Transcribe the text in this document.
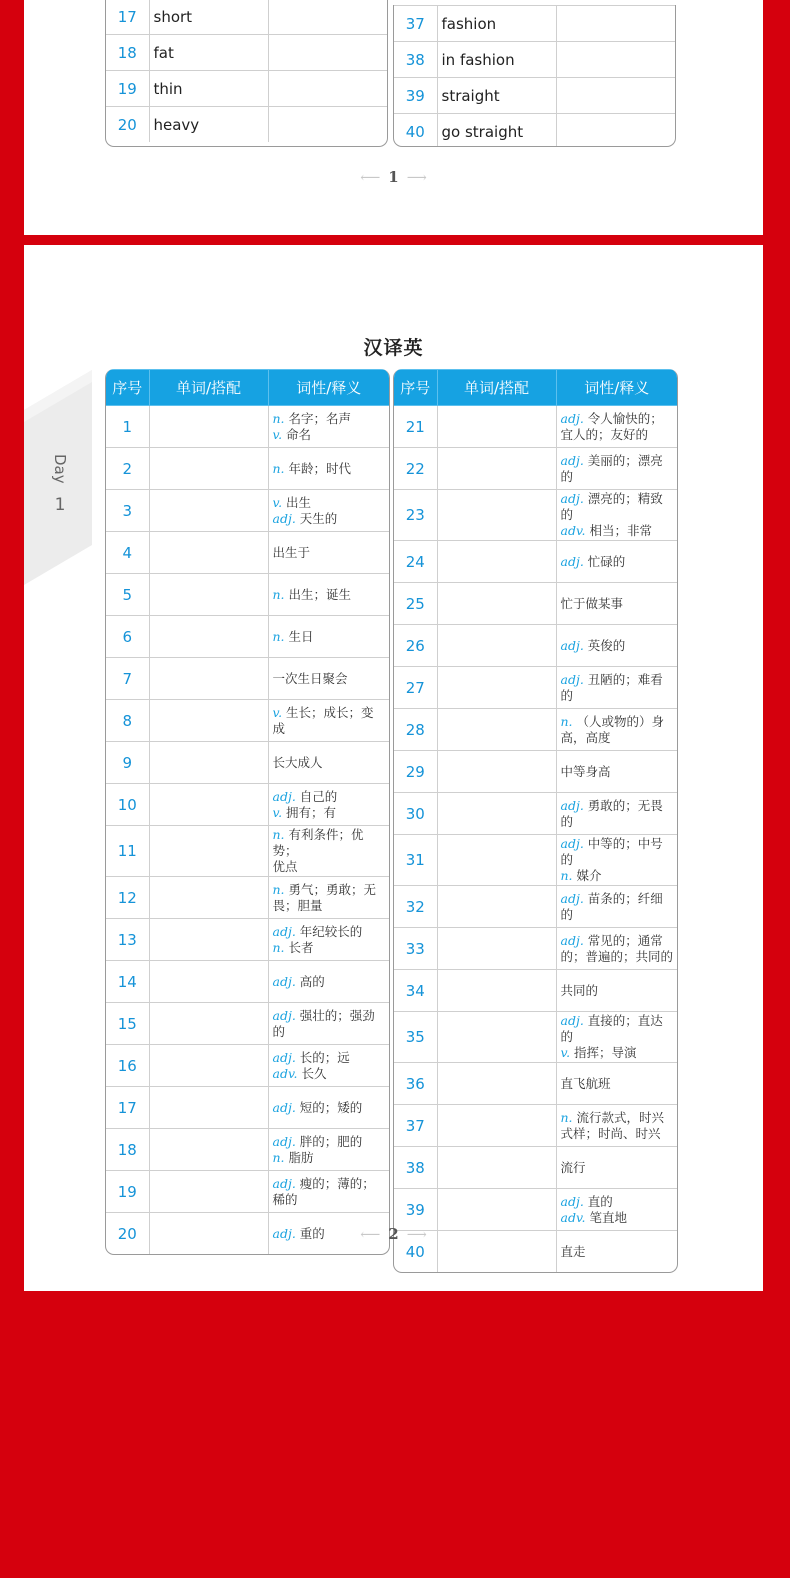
17	short	
18	fat	
19	thin	
20	heavy	
37	fashion	
38	in fashion	
39	straight	
40	go straight	
⟵ 1 ⟶
Day
1
汉译英
序号	单词/搭配	词性/释义
1		n. 名字；名声
v. 命名

2		n. 年龄；时代

3		v. 出生
adj. 天生的

4		出生于

5		n. 出生；诞生

6		n. 生日

7		一次生日聚会

8		v. 生长；成长；变成

9		长大成人

10		adj. 自己的
v. 拥有；有

11		n. 有利条件；优势；
优点

12		n. 勇气；勇敢；无
畏；胆量

13		adj. 年纪较长的
n. 长者

14		adj. 高的

15		adj. 强壮的；强劲的

16		adj. 长的；远
adv. 长久

17		adj. 短的；矮的

18		adj. 胖的；肥的
n. 脂肪

19		adj. 瘦的；薄的；
稀的

20		adj. 重的
序号	单词/搭配	词性/释义
21		adj. 令人愉快的；
宜人的；友好的

22		adj. 美丽的；漂亮的

23		adj. 漂亮的；精致的
adv. 相当；非常

24		adj. 忙碌的

25		忙于做某事

26		adj. 英俊的

27		adj. 丑陋的；难看的

28		n. （人或物的）身
高，高度

29		中等身高

30		adj. 勇敢的；无畏的

31		adj. 中等的；中号的
n. 媒介

32		adj. 苗条的；纤细的

33		adj. 常见的；通常
的；普遍的；共同的

34		共同的

35		adj. 直接的；直达的
v. 指挥；导演

36		直飞航班

37		n. 流行款式，时兴
式样；时尚、时兴

38		流行

39		adj. 直的
adv. 笔直地

40		直走
⟵ 2 ⟶
